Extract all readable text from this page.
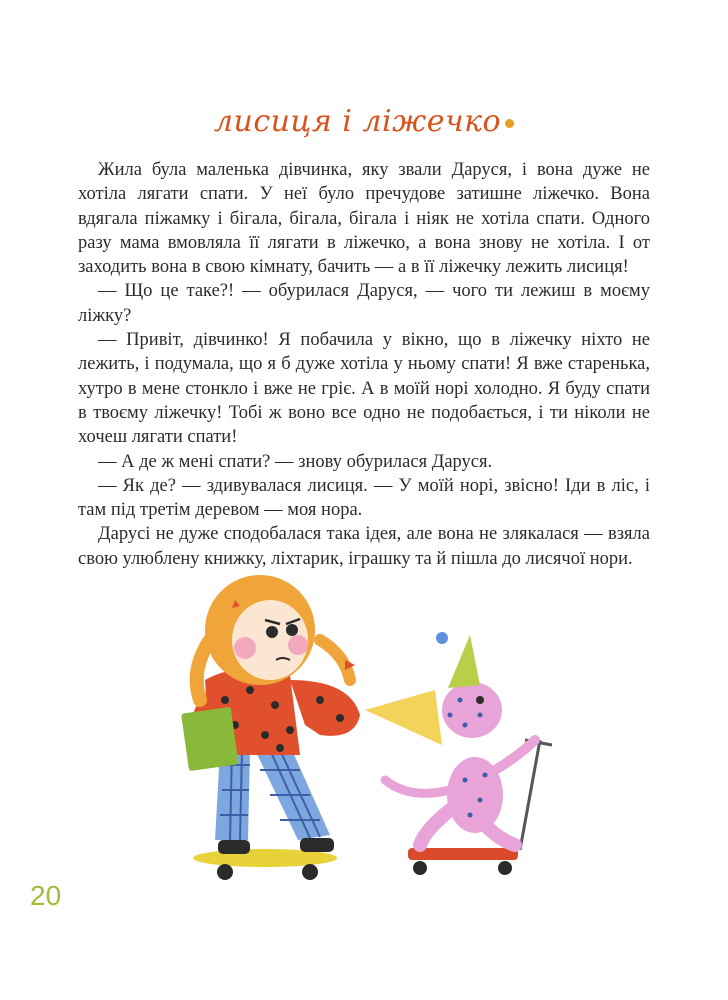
лисиця і ліжечко

Жила була маленька дівчинка, яку звали Даруся, і вона дуже не хотіла лягати спати. У неї було пречудове затишне ліжечко. Вона вдягала піжамку і бігала, бігала, бігала і ніяк не хотіла спати. Одного разу мама вмовляла її лягати в ліжечко, а вона знову не хотіла. І от заходить вона в свою кімнату, бачить — а в її ліжечку лежить лисиця!

— Що це таке?! — обурилася Даруся, — чого ти лежиш в моєму ліжку?

— Привіт, дівчинко! Я побачила у вікно, що в ліжечку ніхто не лежить, і подумала, що я б дуже хотіла у ньому спати! Я вже старенька, хутро в мене стонкло і вже не гріє. А в моїй норі холодно. Я буду спати в твоєму ліжечку! Тобі ж воно все одно не подобається, і ти ніколи не хочеш лягати спати!

— А де ж мені спати? — знову обурилася Даруся.

— Як де? — здивувалася лисиця. — У моїй норі, звісно! Іди в ліс, і там під третім деревом — моя нора.

Дарусі не дуже сподобалася така ідея, але вона не злякалася — взяла свою улюблену книжку, ліхтарик, іграшку та й пішла до лисячої нори.

20
